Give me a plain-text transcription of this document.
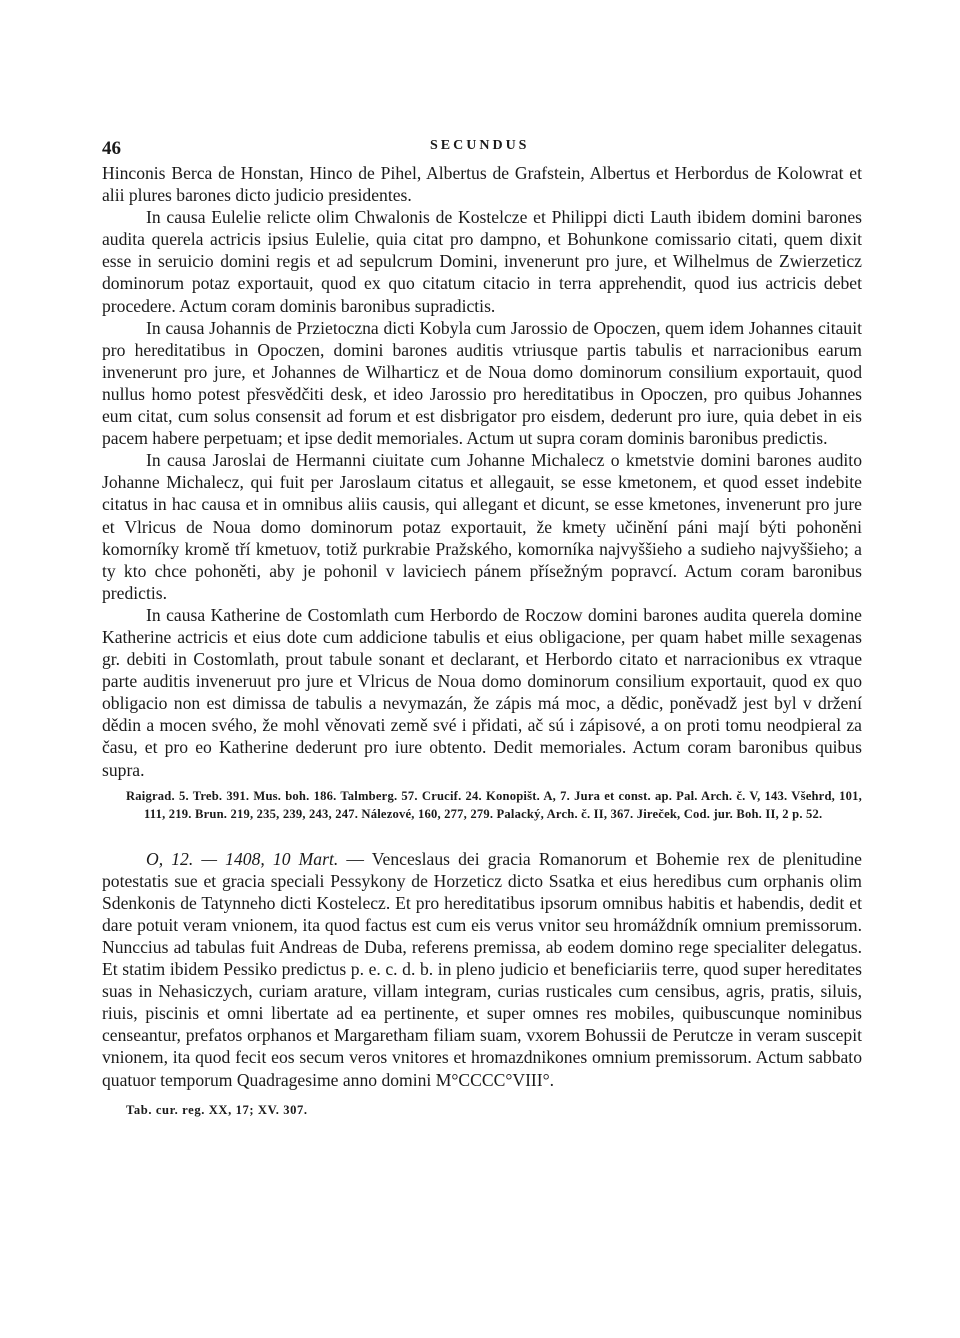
46	SECUNDUS

Hinconis Berca de Honstan, Hinco de Pihel, Albertus de Grafstein, Albertus et Herbordus de Kolowrat et alii plures barones dicto judicio presidentes.

In causa Eulelie relicte olim Chwalonis de Kostelcze et Philippi dicti Lauth ibidem domini barones audita querela actricis ipsius Eulelie, quia citat pro dampno, et Bohunkone comissario citati, quem dixit esse in seruicio domini regis et ad sepulcrum Domini, invenerunt pro jure, et Wilhelmus de Zwierzeticz dominorum potaz exportauit, quod ex quo citatum citacio in terra apprehendit, quod ius actricis debet procedere. Actum coram dominis baronibus supradictis.

In causa Johannis de Przietoczna dicti Kobyla cum Jarossio de Opoczen, quem idem Johannes citauit pro hereditatibus in Opoczen, domini barones auditis vtriusque partis tabulis et narracionibus earum invenerunt pro jure, et Johannes de Wilharticz et de Noua domo dominorum consilium exportauit, quod nullus homo potest přesvědčiti desk, et ideo Jarossio pro hereditatibus in Opoczen, pro quibus Johannes eum citat, cum solus consensit ad forum et est disbrigator pro eisdem, dederunt pro iure, quia debet in eis pacem habere perpetuam; et ipse dedit memoriales. Actum ut supra coram dominis baronibus predictis.

In causa Jaroslai de Hermanni ciuitate cum Johanne Michalecz o kmetstvie domini barones audito Johanne Michalecz, qui fuit per Jaroslaum citatus et allegauit, se esse kmetonem, et quod esset indebite citatus in hac causa et in omnibus aliis causis, qui allegant et dicunt, se esse kmetones, invenerunt pro jure et Vlricus de Noua domo dominorum potaz exportauit, že kmety učinění páni mají býti pohoněni komorníky kromě tří kmetuov, totiž purkrabie Pražského, komorníka najvyššieho a sudieho najvyššieho; a ty kto chce pohoněti, aby je pohonil v laviciech pánem přísežným popravcí. Actum coram baronibus predictis.

In causa Katherine de Costomlath cum Herbordo de Roczow domini barones audita querela domine Katherine actricis et eius dote cum addicione tabulis et eius obligacione, per quam habet mille sexagenas gr. debiti in Costomlath, prout tabule sonant et declarant, et Herbordo citato et narracionibus ex vtraque parte auditis inveneruut pro jure et Vlricus de Noua domo dominorum consilium exportauit, quod ex quo obligacio non est dimissa de tabulis a nevymazán, že zápis má moc, a dědic, poněvadž jest byl v držení dědin a mocen svého, že mohl věnovati země své i přidati, ač sú i zápisové, a on proti tomu neodpieral za času, et pro eo Katherine dederunt pro iure obtento. Dedit memoriales. Actum coram baronibus quibus supra.

Raigrad. 5. Treb. 391. Mus. boh. 186. Talmberg. 57. Crucif. 24. Konopišt. A, 7. Jura et const. ap. Pal. Arch. č. V, 143. Všehrd, 101, 111, 219. Brun. 219, 235, 239, 243, 247. Nálezové, 160, 277, 279. Palacký, Arch. č. II, 367. Jireček, Cod. jur. Boh. II, 2 p. 52.

O, 12. — 1408, 10 Mart. — Venceslaus dei gracia Romanorum et Bohemie rex de plenitudine potestatis sue et gracia speciali Pessykony de Horzeticz dicto Ssatka et eius heredibus cum orphanis olim Sdenkonis de Tatynneho dicti Kostelecz. Et pro hereditatibus ipsorum omnibus habitis et habendis, dedit et dare potuit veram vnionem, ita quod factus est cum eis verus vnitor seu hromáždník omnium premissorum. Nunccius ad tabulas fuit Andreas de Duba, referens premissa, ab eodem domino rege specialiter delegatus. Et statim ibidem Pessiko predictus p. e. c. d. b. in pleno judicio et beneficiariis terre, quod super hereditates suas in Nehasiczych, curiam arature, villam integram, curias rusticales cum censibus, agris, pratis, siluis, riuis, piscinis et omni libertate ad ea pertinente, et super omnes res mobiles, quibuscunque nominibus censeantur, prefatos orphanos et Margaretham filiam suam, vxorem Bohussii de Perutcze in veram suscepit vnionem, ita quod fecit eos secum veros vnitores et hromazdnikones omnium premissorum. Actum sabbato quatuor temporum Quadragesime anno domini M°CCCC°VIII°.

Tab. cur. reg. XX, 17; XV. 307.
